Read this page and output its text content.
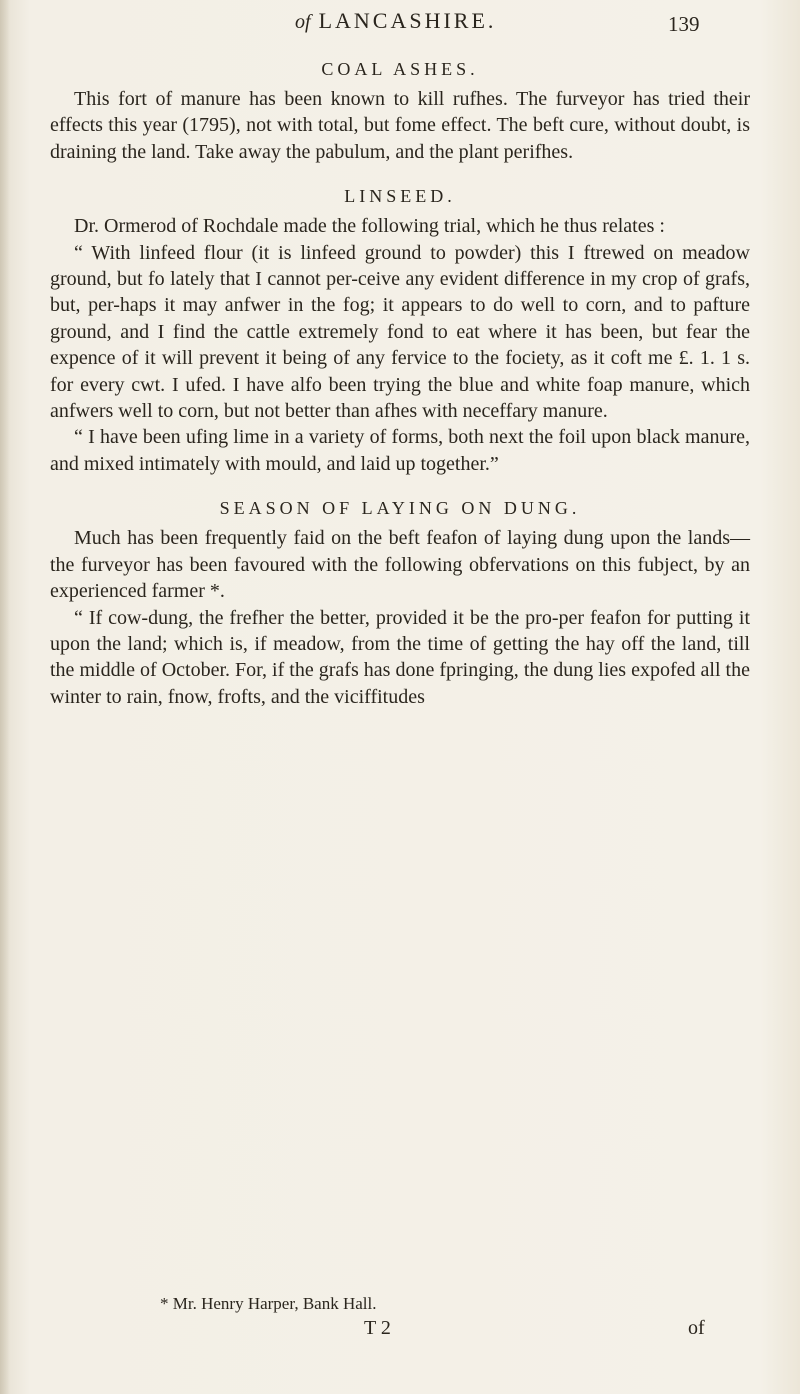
of LANCASHIRE.	139
COAL ASHES.

This fort of manure has been known to kill rufhes. The furveyor has tried their effects this year (1795), not with total, but fome effect. The beft cure, without doubt, is draining the land. Take away the pabulum, and the plant perifhes.

LINSEED.

Dr. Ormerod of Rochdale made the following trial, which he thus relates :

“ With linfeed flour (it is linfeed ground to powder) this I ftrewed on meadow ground, but fo lately that I cannot per-ceive any evident difference in my crop of grafs, but, per-haps it may anfwer in the fog; it appears to do well to corn, and to pafture ground, and I find the cattle extremely fond to eat where it has been, but fear the expence of it will prevent it being of any fervice to the fociety, as it coft me £. 1. 1 s. for every cwt. I ufed. I have alfo been trying the blue and white foap manure, which anfwers well to corn, but not better than afhes with neceffary manure.

“ I have been ufing lime in a variety of forms, both next the foil upon black manure, and mixed intimately with mould, and laid up together.”

SEASON OF LAYING ON DUNG.

Much has been frequently faid on the beft feafon of laying dung upon the lands—the furveyor has been favoured with the following obfervations on this fubject, by an experienced farmer *.

“ If cow-dung, the frefher the better, provided it be the pro-per feafon for putting it upon the land; which is, if meadow, from the time of getting the hay off the land, till the middle of October. For, if the grafs has done fpringing, the dung lies expofed all the winter to rain, fnow, frofts, and the viciffitudes

* Mr. Henry Harper, Bank Hall.
T 2	of
